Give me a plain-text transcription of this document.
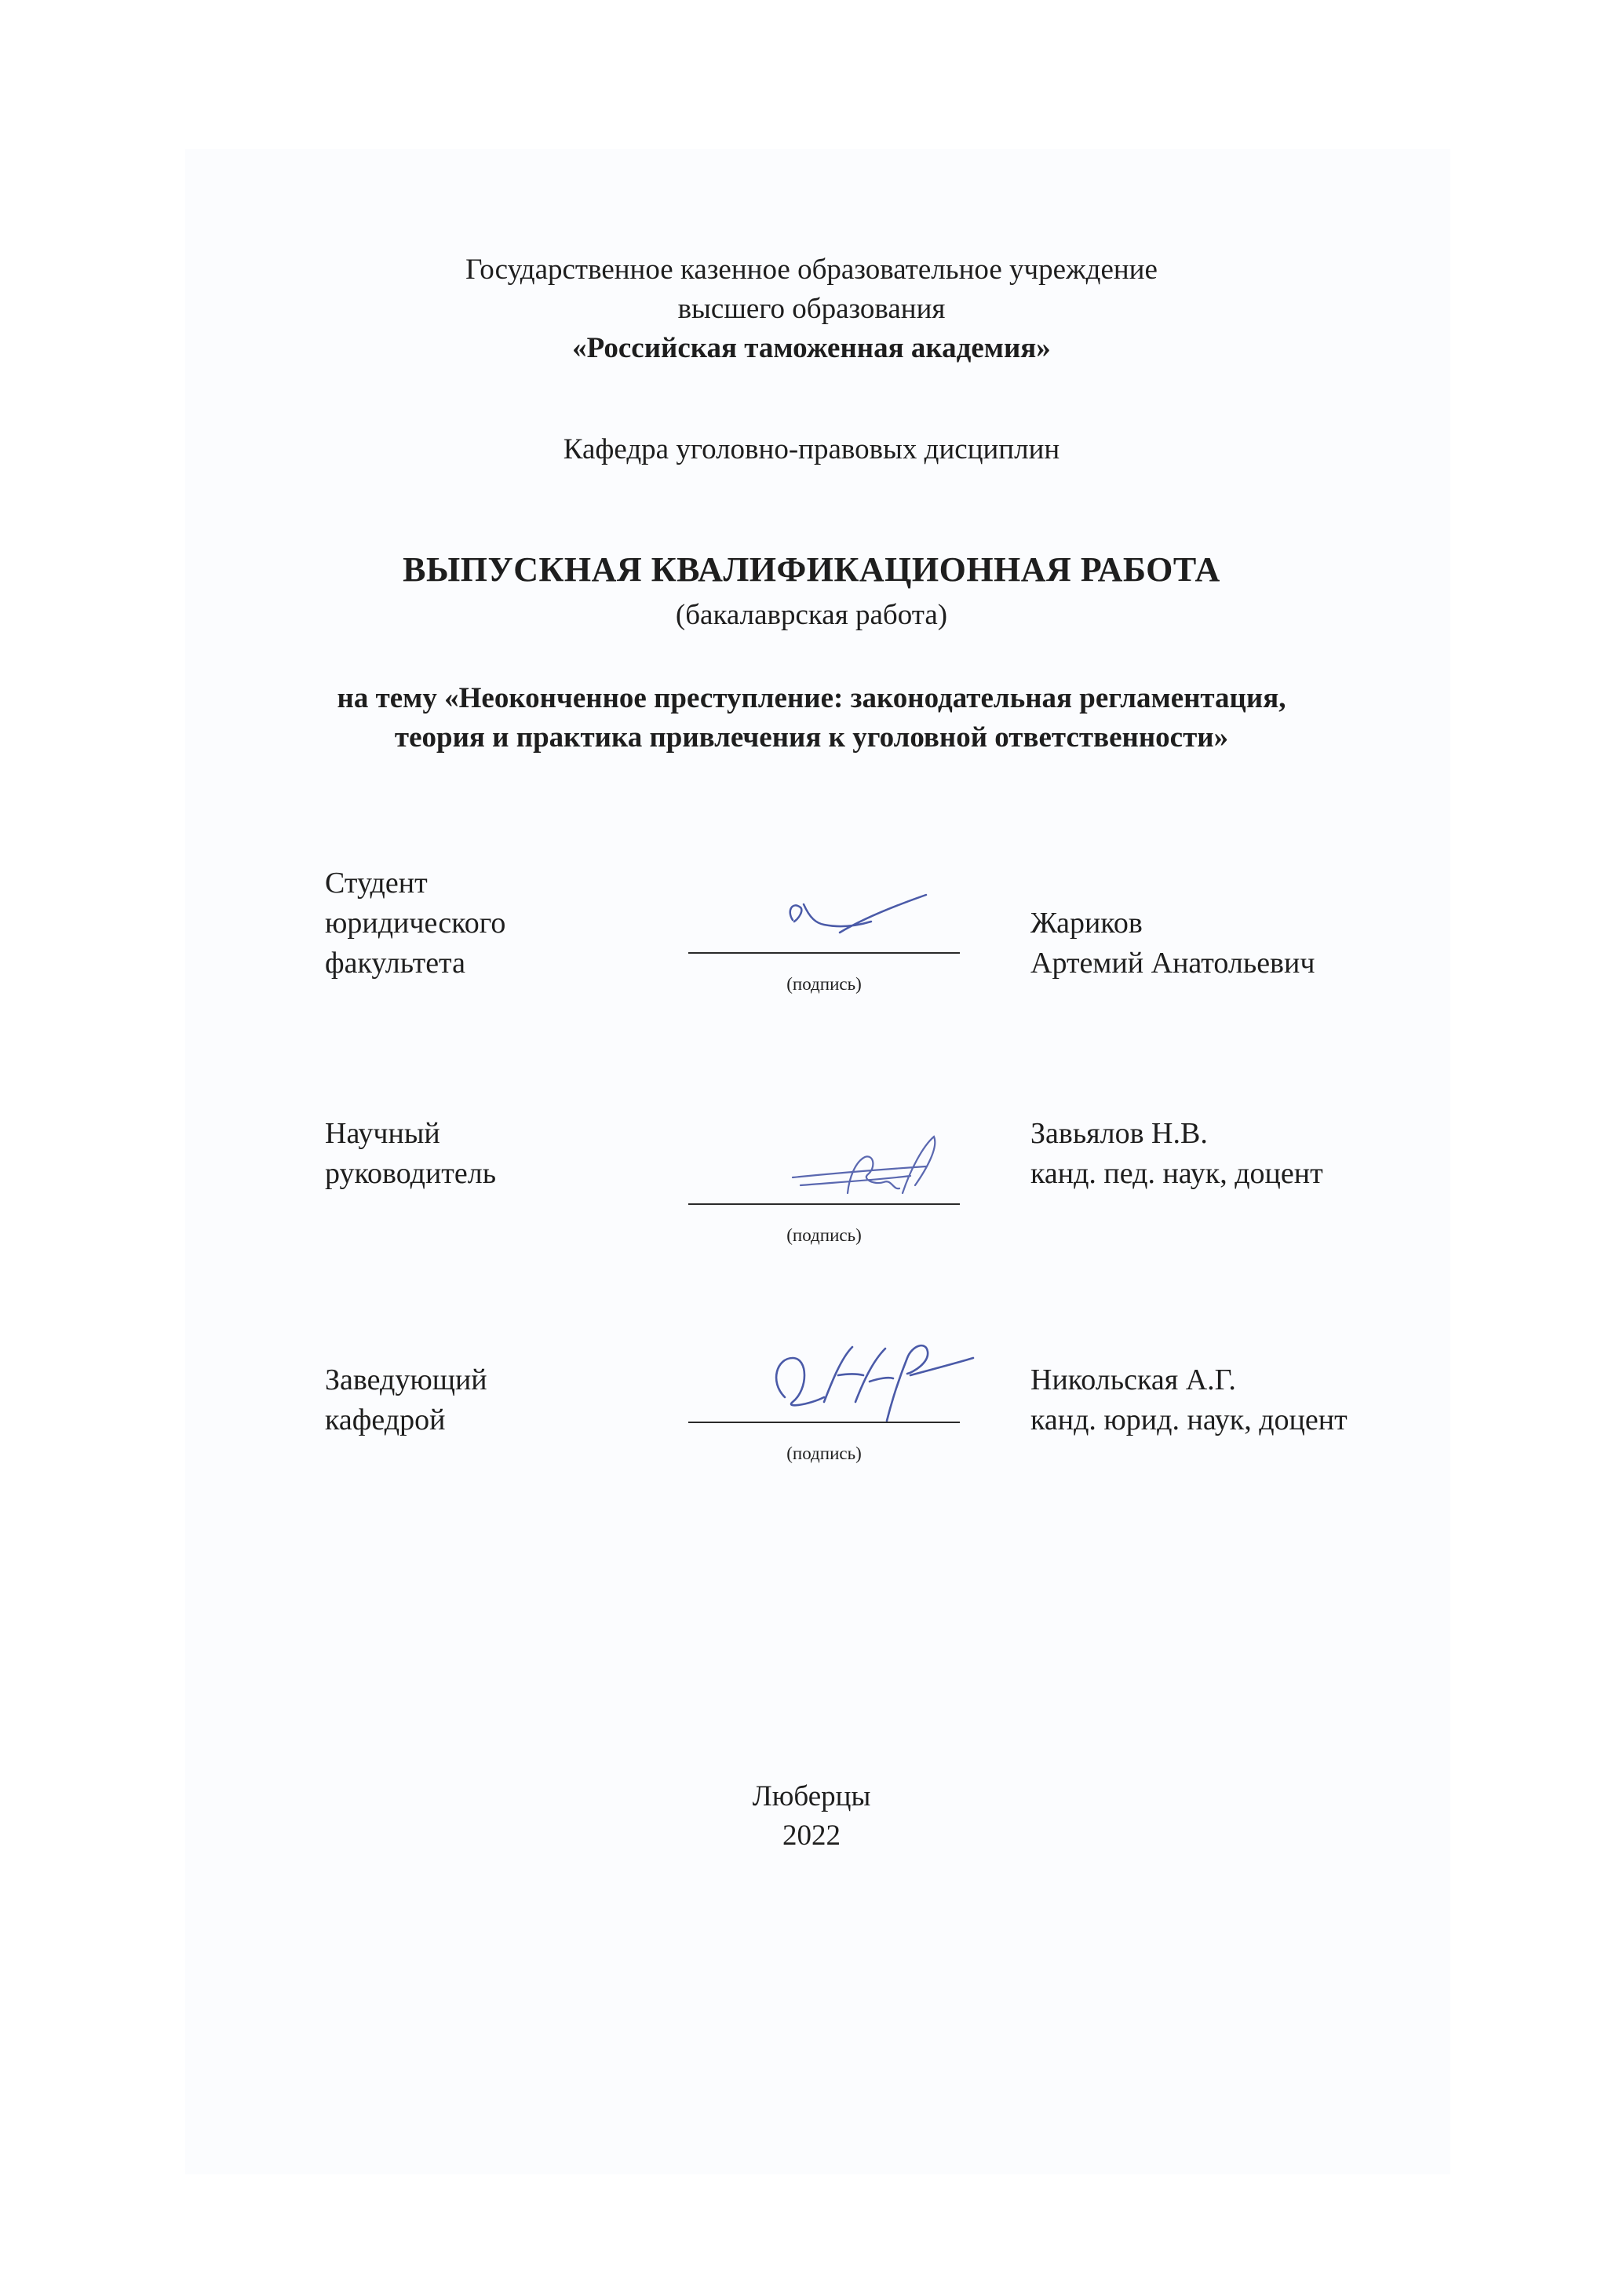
Государственное казенное образовательное учреждение
высшего образования
«Российская таможенная академия»
Кафедра уголовно-правовых дисциплин
ВЫПУСКНАЯ КВАЛИФИКАЦИОННАЯ РАБОТА
(бакалаврская работа)
на тему «Неоконченное преступление: законодательная регламентация,
теория и практика привлечения к уголовной ответственности»
Студент
юридического
факультета
(подпись)
Жариков
Артемий Анатольевич
Научный
руководитель
(подпись)
Завьялов Н.В.
канд. пед. наук, доцент
Заведующий
кафедрой
(подпись)
Никольская А.Г.
канд. юрид. наук, доцент
Люберцы
2022
